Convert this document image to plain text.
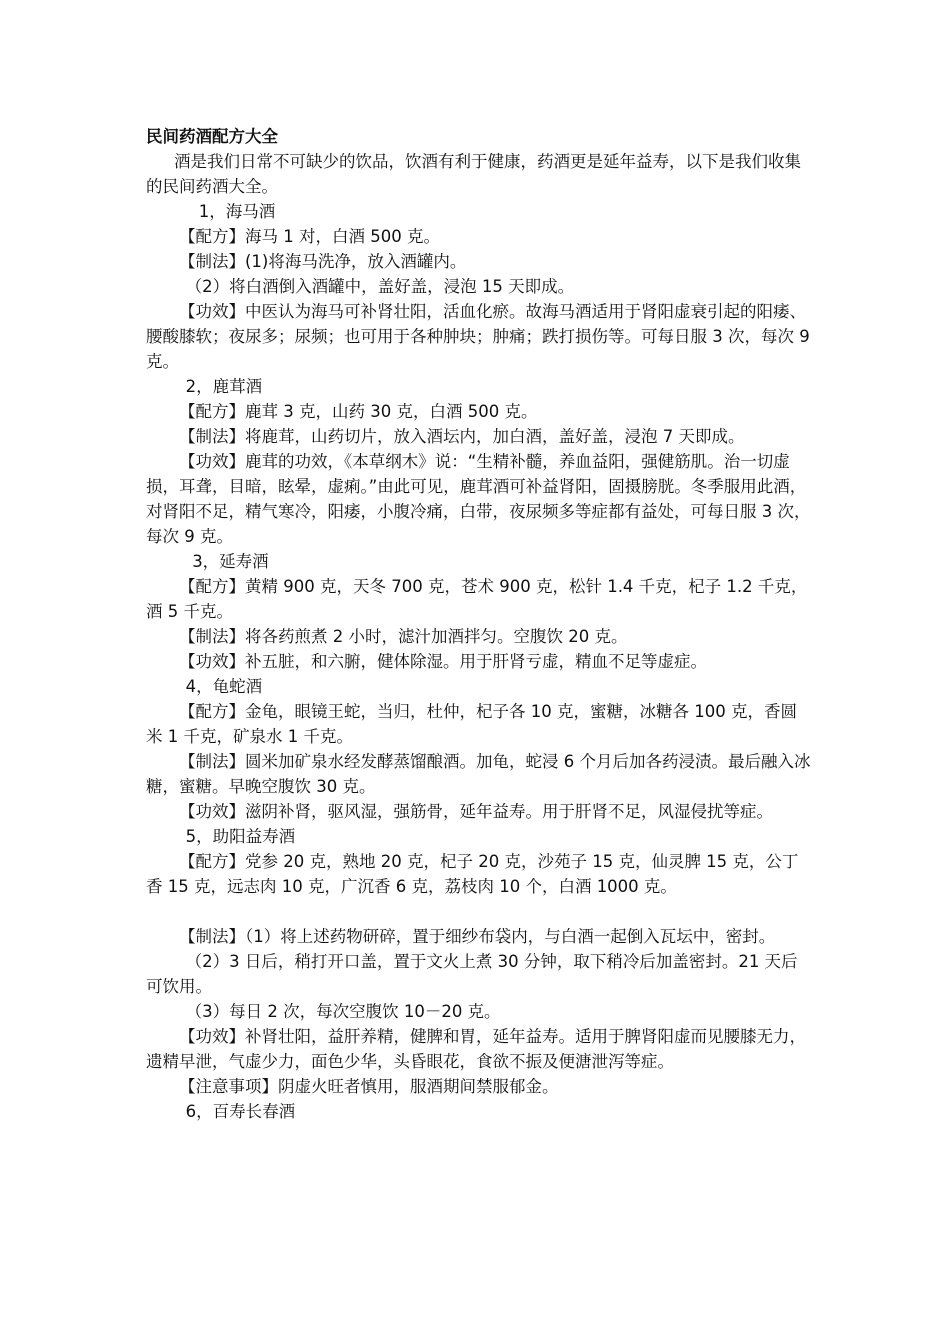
民间药酒配方大全

酒是我们日常不可缺少的饮品，饮酒有利于健康，药酒更是延年益寿，以下是我们收集的民间药酒大全。

1，海马酒

【配方】海马 1 对，白酒 500 克。

【制法】(1)将海马洗净，放入酒罐内。

（2）将白酒倒入酒罐中，盖好盖，浸泡 15 天即成。

【功效】中医认为海马可补肾壮阳，活血化瘀。故海马酒适用于肾阳虚衰引起的阳痿、腰酸膝软；夜尿多；尿频；也可用于各种肿块；肿痛；跌打损伤等。可每日服 3 次，每次 9 克。

2，鹿茸酒

【配方】鹿茸 3 克，山药 30 克，白酒 500 克。

【制法】将鹿茸，山药切片，放入酒坛内，加白酒，盖好盖，浸泡 7 天即成。

【功效】鹿茸的功效，《本草纲木》说：“生精补髓，养血益阳，强健筋肌。治一切虚损，耳聋，目暗，眩晕，虚痢。”由此可见，鹿茸酒可补益肾阳，固摄膀胱。冬季服用此酒，对肾阳不足，精气寒冷，阳痿，小腹冷痛，白带，夜尿频多等症都有益处，可每日服 3 次，每次 9 克。

3，延寿酒

【配方】黄精 900 克，天冬 700 克，苍术 900 克，松针 1.4 千克，杞子 1.2 千克，酒 5 千克。

【制法】将各药煎煮 2 小时，滤汁加酒拌匀。空腹饮 20 克。

【功效】补五脏，和六腑，健体除湿。用于肝肾亏虚，精血不足等虚症。

4，龟蛇酒

【配方】金龟，眼镜王蛇，当归，杜仲，杞子各 10 克，蜜糖，冰糖各 100 克，香圆米 1 千克，矿泉水 1 千克。

【制法】圆米加矿泉水经发酵蒸馏酿酒。加龟，蛇浸 6 个月后加各药浸渍。最后融入冰糖，蜜糖。早晚空腹饮 30 克。

【功效】滋阴补肾，驱风湿，强筋骨，延年益寿。用于肝肾不足，风湿侵扰等症。

5，助阳益寿酒

【配方】党参 20 克，熟地 20 克，杞子 20 克，沙苑子 15 克，仙灵脾 15 克，公丁香 15 克，远志肉 10 克，广沉香 6 克，荔枝肉 10 个，白酒 1000 克。

【制法】（1）将上述药物研碎，置于细纱布袋内，与白酒一起倒入瓦坛中，密封。

（2）3 日后，稍打开口盖，置于文火上煮 30 分钟，取下稍冷后加盖密封。21 天后可饮用。

（3）每日 2 次，每次空腹饮 10－20 克。

【功效】补肾壮阳，益肝养精，健脾和胃，延年益寿。适用于脾肾阳虚而见腰膝无力，遗精早泄，气虚少力，面色少华，头昏眼花，食欲不振及便溏泄泻等症。

【注意事项】阴虚火旺者慎用，服酒期间禁服郁金。

6，百寿长春酒
